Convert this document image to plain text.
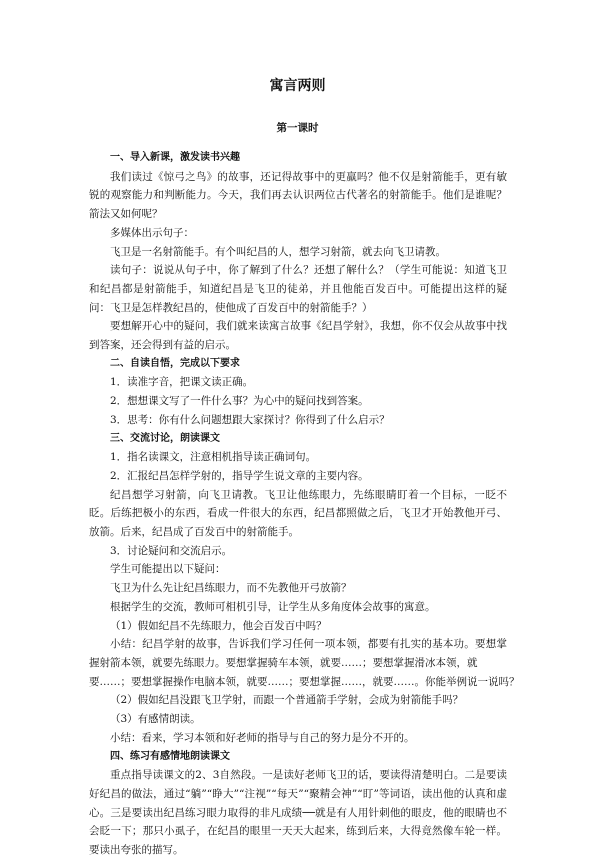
寓言两则
第一课时

一、导入新课，激发读书兴趣

我们读过《惊弓之鸟》的故事，还记得故事中的更羸吗？他不仅是射箭能手，更有敏锐的观察能力和判断能力。今天，我们再去认识两位古代著名的射箭能手。他们是谁呢？箭法又如何呢？

多媒体出示句子：

飞卫是一名射箭能手。有个叫纪昌的人，想学习射箭，就去向飞卫请教。

读句子：说说从句子中，你了解到了什么？还想了解什么？（学生可能说：知道飞卫和纪昌都是射箭能手，知道纪昌是飞卫的徒弟，并且他能百发百中。可能提出这样的疑问：飞卫是怎样教纪昌的，使他成了百发百中的射箭能手？）

要想解开心中的疑问，我们就来读寓言故事《纪昌学射》，我想，你不仅会从故事中找到答案，还会得到有益的启示。

二、自读自悟，完成以下要求

1．读准字音，把课文读正确。

2．想想课文写了一件什么事？为心中的疑问找到答案。

3．思考：你有什么问题想跟大家探讨？你得到了什么启示？

三、交流讨论，朗读课文

1．指名读课文，注意相机指导读正确词句。

2．汇报纪昌怎样学射的，指导学生说文章的主要内容。

纪昌想学习射箭，向飞卫请教。飞卫让他练眼力，先练眼睛盯着一个目标，一眨不眨。后练把极小的东西，看成一件很大的东西，纪昌都照做之后，飞卫才开始教他开弓、放箭。后来，纪昌成了百发百中的射箭能手。

3．讨论疑问和交流启示。

学生可能提出以下疑问：

飞卫为什么先让纪昌练眼力，而不先教他开弓放箭？

根据学生的交流，教师可相机引导，让学生从多角度体会故事的寓意。

（1）假如纪昌不先练眼力，他会百发百中吗？

小结：纪昌学射的故事，告诉我们学习任何一项本领，都要有扎实的基本功。要想掌握射箭本领，就要先练眼力。要想掌握骑车本领，就要……；要想掌握滑冰本领，就

要……；要想掌握操作电脑本领，就要……；要想掌握……，就要……。你能举例说一说吗？

（2）假如纪昌没跟飞卫学射，而跟一个普通箭手学射，会成为射箭能手吗？

（3）有感情朗读。

小结：看来，学习本领和好老师的指导与自己的努力是分不开的。

四、练习有感情地朗读课文

重点指导读课文的2、3自然段。一是读好老师飞卫的话，要读得清楚明白。二是要读好纪昌的做法，通过“躺”“睁大”“注视”“每天”“聚精会神”“盯”等词语，读出他的认真和虚心。三是要读出纪昌练习眼力取得的非凡成绩──就是有人用针刺他的眼皮，他的眼睛也不会眨一下；那只小虱子，在纪昌的眼里一天天大起来，练到后来，大得竟然像车轮一样。要读出夸张的描写。
